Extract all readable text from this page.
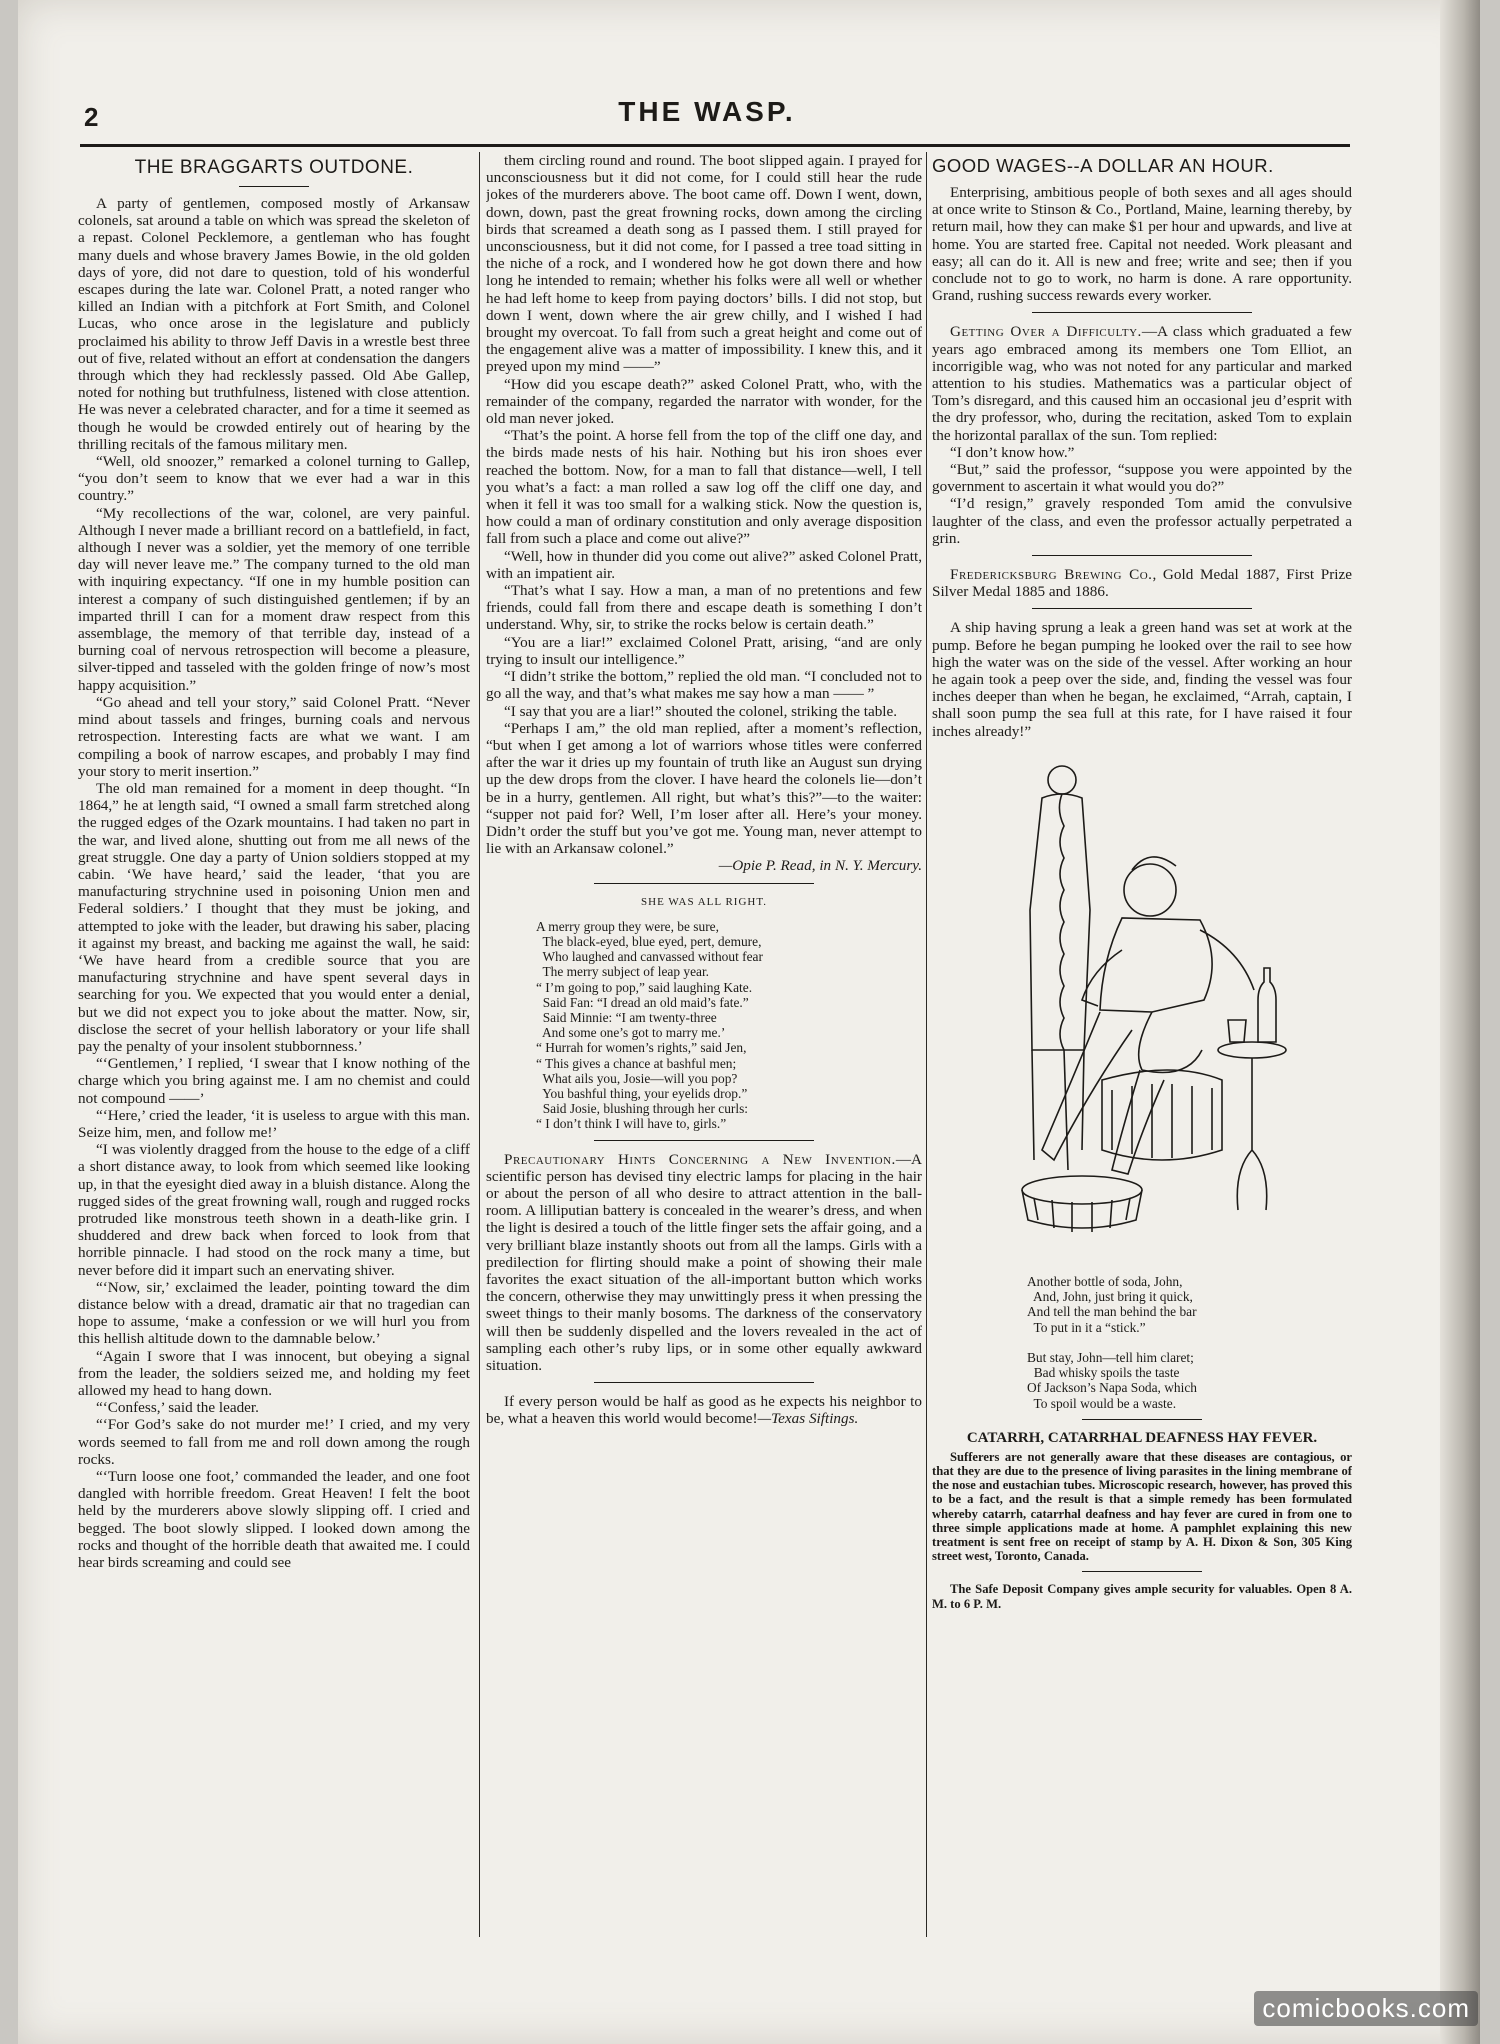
2	THE WASP.
THE BRAGGARTS OUTDONE.

A party of gentlemen, composed mostly of Arkansaw colonels, sat around a table on which was spread the skeleton of a repast. Colonel Pecklemore, a gentleman who has fought many duels and whose bravery James Bowie, in the old golden days of yore, did not dare to question, told of his wonderful escapes during the late war. Colonel Pratt, a noted ranger who killed an Indian with a pitchfork at Fort Smith, and Colonel Lucas, who once arose in the legislature and publicly proclaimed his ability to throw Jeff Davis in a wrestle best three out of five, related without an effort at condensation the dangers through which they had recklessly passed. Old Abe Gallep, noted for nothing but truthfulness, listened with close attention. He was never a celebrated character, and for a time it seemed as though he would be crowded entirely out of hearing by the thrilling recitals of the famous military men.

“Well, old snoozer,” remarked a colonel turning to Gallep, “you don’t seem to know that we ever had a war in this country.”

“My recollections of the war, colonel, are very painful. Although I never made a brilliant record on a battlefield, in fact, although I never was a soldier, yet the memory of one terrible day will never leave me.” The company turned to the old man with inquiring expectancy. “If one in my humble position can interest a company of such distinguished gentlemen; if by an imparted thrill I can for a moment draw respect from this assemblage, the memory of that terrible day, instead of a burning coal of nervous retrospection will become a pleasure, silver-tipped and tasseled with the golden fringe of now’s most happy acquisition.”

“Go ahead and tell your story,” said Colonel Pratt. “Never mind about tassels and fringes, burning coals and nervous retrospection. Interesting facts are what we want. I am compiling a book of narrow escapes, and probably I may find your story to merit insertion.”

The old man remained for a moment in deep thought. “In 1864,” he at length said, “I owned a small farm stretched along the rugged edges of the Ozark mountains. I had taken no part in the war, and lived alone, shutting out from me all news of the great struggle. One day a party of Union soldiers stopped at my cabin. ‘We have heard,’ said the leader, ‘that you are manufacturing strychnine used in poisoning Union men and Federal soldiers.’ I thought that they must be joking, and attempted to joke with the leader, but drawing his saber, placing it against my breast, and backing me against the wall, he said: ‘We have heard from a credible source that you are manufacturing strychnine and have spent several days in searching for you. We expected that you would enter a denial, but we did not expect you to joke about the matter. Now, sir, disclose the secret of your hellish laboratory or your life shall pay the penalty of your insolent stubbornness.’

“‘Gentlemen,’ I replied, ‘I swear that I know nothing of the charge which you bring against me. I am no chemist and could not compound ——’

“‘Here,’ cried the leader, ‘it is useless to argue with this man. Seize him, men, and follow me!’

“I was violently dragged from the house to the edge of a cliff a short distance away, to look from which seemed like looking up, in that the eyesight died away in a bluish distance. Along the rugged sides of the great frowning wall, rough and rugged rocks protruded like monstrous teeth shown in a death-like grin. I shuddered and drew back when forced to look from that horrible pinnacle. I had stood on the rock many a time, but never before did it impart such an enervating shiver.

“‘Now, sir,’ exclaimed the leader, pointing toward the dim distance below with a dread, dramatic air that no tragedian can hope to assume, ‘make a confession or we will hurl you from this hellish altitude down to the damnable below.’

“Again I swore that I was innocent, but obeying a signal from the leader, the soldiers seized me, and holding my feet allowed my head to hang down.

“‘Confess,’ said the leader.

“‘For God’s sake do not murder me!’ I cried, and my very words seemed to fall from me and roll down among the rough rocks.

“‘Turn loose one foot,’ commanded the leader, and one foot dangled with horrible freedom. Great Heaven! I felt the boot held by the murderers above slowly slipping off. I cried and begged. The boot slowly slipped. I looked down among the rocks and thought of the horrible death that awaited me. I could hear birds screaming and could see

them circling round and round. The boot slipped again. I prayed for unconsciousness but it did not come, for I could still hear the rude jokes of the murderers above. The boot came off. Down I went, down, down, down, past the great frowning rocks, down among the circling birds that screamed a death song as I passed them. I still prayed for unconsciousness, but it did not come, for I passed a tree toad sitting in the niche of a rock, and I wondered how he got down there and how long he intended to remain; whether his folks were all well or whether he had left home to keep from paying doctors’ bills. I did not stop, but down I went, down where the air grew chilly, and I wished I had brought my overcoat. To fall from such a great height and come out of the engagement alive was a matter of impossibility. I knew this, and it preyed upon my mind ——”

“How did you escape death?” asked Colonel Pratt, who, with the remainder of the company, regarded the narrator with wonder, for the old man never joked.

“That’s the point. A horse fell from the top of the cliff one day, and the birds made nests of his hair. Nothing but his iron shoes ever reached the bottom. Now, for a man to fall that distance—well, I tell you what’s a fact: a man rolled a saw log off the cliff one day, and when it fell it was too small for a walking stick. Now the question is, how could a man of ordinary constitution and only average disposition fall from such a place and come out alive?”

“Well, how in thunder did you come out alive?” asked Colonel Pratt, with an impatient air.

“That’s what I say. How a man, a man of no pretentions and few friends, could fall from there and escape death is something I don’t understand. Why, sir, to strike the rocks below is certain death.”

“You are a liar!” exclaimed Colonel Pratt, arising, “and are only trying to insult our intelligence.”

“I didn’t strike the bottom,” replied the old man. “I concluded not to go all the way, and that’s what makes me say how a man —— ”

“I say that you are a liar!” shouted the colonel, striking the table.

“Perhaps I am,” the old man replied, after a moment’s reflection, “but when I get among a lot of warriors whose titles were conferred after the war it dries up my fountain of truth like an August sun drying up the dew drops from the clover. I have heard the colonels lie—don’t be in a hurry, gentlemen. All right, but what’s this?”—to the waiter: “supper not paid for? Well, I’m loser after all. Here’s your money. Didn’t order the stuff but you’ve got me. Young man, never attempt to lie with an Arkansaw colonel.”

—Opie P. Read, in N. Y. Mercury.

SHE WAS ALL RIGHT.
A merry group they were, be sure,
The black-eyed, blue eyed, pert, demure,
Who laughed and canvassed without fear
The merry subject of leap year.
“ I’m going to pop,” said laughing Kate.
Said Fan: “I dread an old maid’s fate.”
Said Minnie: “I am twenty-three
And some one’s got to marry me.’
“ Hurrah for women’s rights,” said Jen,
“ This gives a chance at bashful men;
What ails you, Josie—will you pop?
You bashful thing, your eyelids drop.”
Said Josie, blushing through her curls:
“ I don’t think I will have to, girls.”

Precautionary Hints Concerning a New Invention.—A scientific person has devised tiny electric lamps for placing in the hair or about the person of all who desire to attract attention in the ball-room. A lilliputian battery is concealed in the wearer’s dress, and when the light is desired a touch of the little finger sets the affair going, and a very brilliant blaze instantly shoots out from all the lamps. Girls with a predilection for flirting should make a point of showing their male favorites the exact situation of the all-important button which works the concern, otherwise they may unwittingly press it when pressing the sweet things to their manly bosoms. The darkness of the conservatory will then be suddenly dispelled and the lovers revealed in the act of sampling each other’s ruby lips, or in some other equally awkward situation.

If every person would be half as good as he expects his neighbor to be, what a heaven this world would become!—Texas Siftings.

GOOD WAGES--A DOLLAR AN HOUR.

Enterprising, ambitious people of both sexes and all ages should at once write to Stinson & Co., Portland, Maine, learning thereby, by return mail, how they can make $1 per hour and upwards, and live at home. You are started free. Capital not needed. Work pleasant and easy; all can do it. All is new and free; write and see; then if you conclude not to go to work, no harm is done. A rare opportunity. Grand, rushing success rewards every worker.

Getting Over a Difficulty.—A class which graduated a few years ago embraced among its members one Tom Elliot, an incorrigible wag, who was not noted for any particular and marked attention to his studies. Mathematics was a particular object of Tom’s disregard, and this caused him an occasional jeu d’esprit with the dry professor, who, during the recitation, asked Tom to explain the horizontal parallax of the sun. Tom replied:

“I don’t know how.”

“But,” said the professor, “suppose you were appointed by the government to ascertain it what would you do?”

“I’d resign,” gravely responded Tom amid the convulsive laughter of the class, and even the professor actually perpetrated a grin.

Fredericksburg Brewing Co., Gold Medal 1887, First Prize Silver Medal 1885 and 1886.

A ship having sprung a leak a green hand was set at work at the pump. Before he began pumping he looked over the rail to see how high the water was on the side of the vessel. After working an hour he again took a peep over the side, and, finding the vessel was four inches deeper than when he began, he exclaimed, “Arrah, captain, I shall soon pump the sea full at this rate, for I have raised it four inches already!”

Another bottle of soda, John,
And, John, just bring it quick,
And tell the man behind the bar
To put in it a “stick.”

But stay, John—tell him claret;
Bad whisky spoils the taste
Of Jackson’s Napa Soda, which
To spoil would be a waste.
CATARRH, CATARRHAL DEAFNESS HAY FEVER.

Sufferers are not generally aware that these diseases are contagious, or that they are due to the presence of living parasites in the lining membrane of the nose and eustachian tubes. Microscopic research, however, has proved this to be a fact, and the result is that a simple remedy has been formulated whereby catarrh, catarrhal deafness and hay fever are cured in from one to three simple applications made at home. A pamphlet explaining this new treatment is sent free on receipt of stamp by A. H. Dixon & Son, 305 King street west, Toronto, Canada.

The Safe Deposit Company gives ample security for valuables. Open 8 A. M. to 6 P. M.

comicbooks.com
